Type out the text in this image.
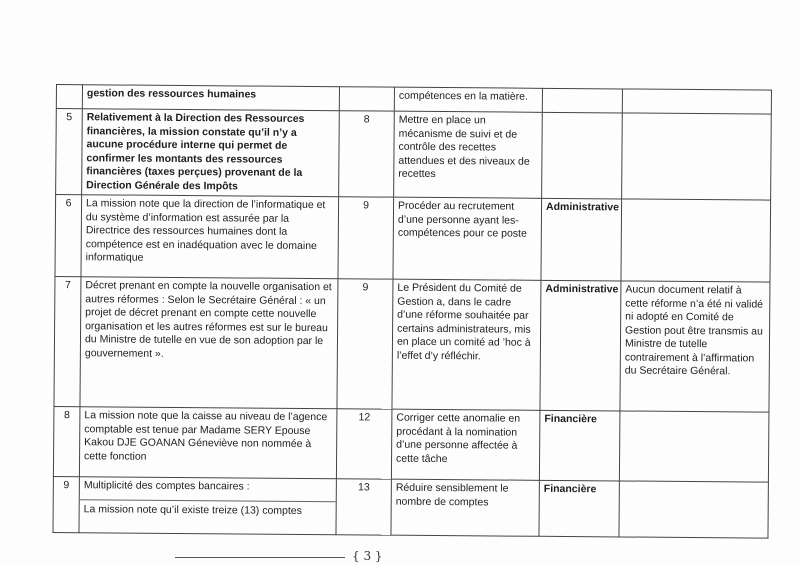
	gestion des ressources humaines		compétences en la matière.		
5	Relativement à la Direction des Ressources financières, la mission constate qu’il n’y a aucune procédure interne qui permet de confirmer les montants des ressources financières (taxes perçues) provenant de la Direction Générale des Impôts	8	Mettre en place un mécanisme de suivi et de contrôle des recettes attendues et des niveaux de recettes		
6	La mission note que la direction de l’informatique et du système d’information est assurée par la Directrice des ressources humaines dont la compétence est en inadéquation avec le domaine informatique	9	Procéder au recrutement d’une personne ayant les-compétences pour ce poste	Administrative	
7	Décret prenant en compte la nouvelle organisation et autres réformes : Selon le Secrétaire Général : « un projet de décret prenant en compte cette nouvelle organisation et les autres réformes est sur le bureau du Ministre de tutelle en vue de son adoption par le gouvernement ».	9	Le Président du Comité de Gestion a, dans le cadre d’une réforme souhaitée par certains administrateurs, mis en place un comité ad ’hoc à l’effet d’y réfléchir.	Administrative	Aucun document relatif à cette réforme n’a été ni validé ni adopté en Comité de Gestion pout être transmis au Ministre de tutelle contrairement à l’affirmation du Secrétaire Général.
8	La mission note que la caisse au niveau de l’agence comptable est tenue par Madame SERY Epouse Kakou DJE GOANAN Géneviève non nommée à cette fonction	12	Corriger cette anomalie en procédant à la nomination d’une personne affectée à cette tâche	Financière	
9	Multiplicité des comptes bancaires :
La mission note qu’il existe treize (13) comptes	13	Réduire sensiblement le nombre de comptes	Financière	
{ 3 }
